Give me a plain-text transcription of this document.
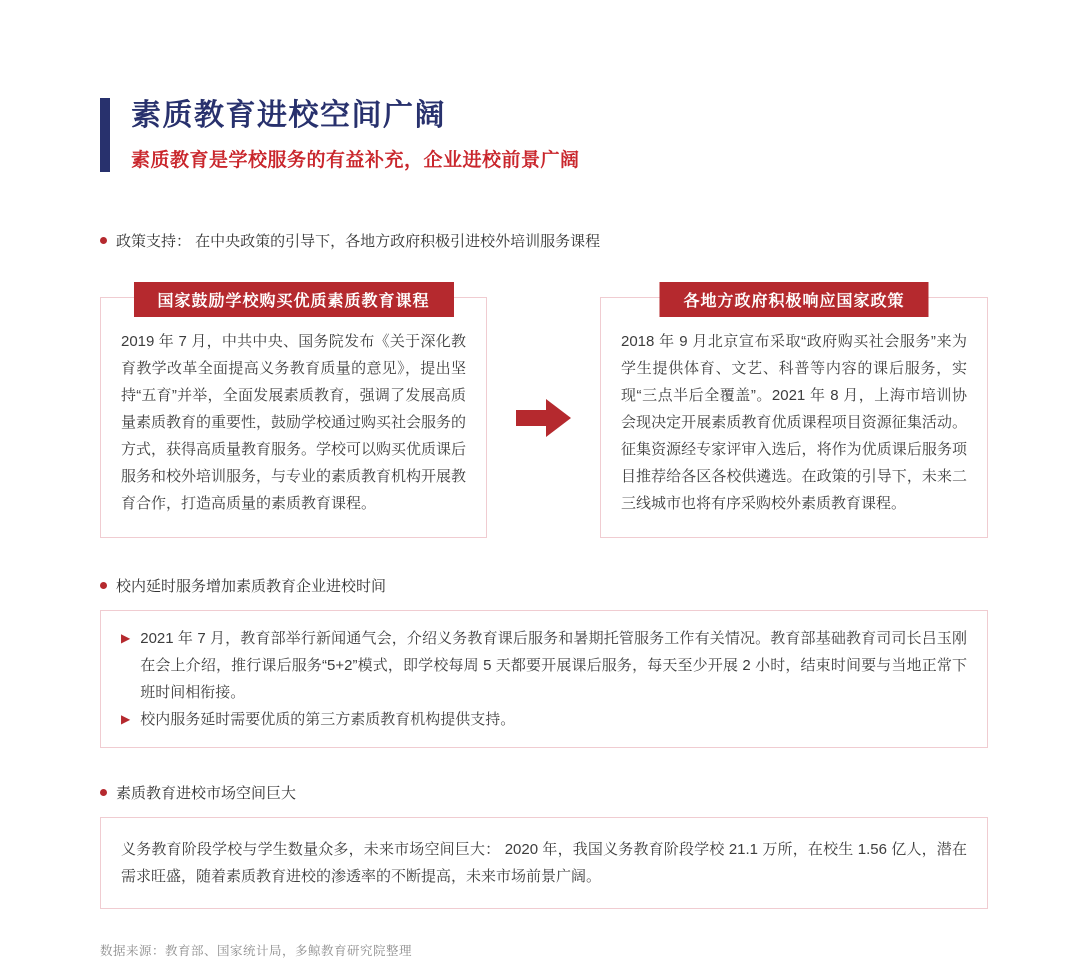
素质教育进校空间广阔
素质教育是学校服务的有益补充，企业进校前景广阔
政策支持： 在中央政策的引导下，各地方政府积极引进校外培训服务课程
国家鼓励学校购买优质素质教育课程
2019 年 7 月，中共中央、国务院发布《关于深化教育教学改革全面提高义务教育质量的意见》，提出坚持“五育”并举，全面发展素质教育，强调了发展高质量素质教育的重要性，鼓励学校通过购买社会服务的方式，获得高质量教育服务。学校可以购买优质课后服务和校外培训服务，与专业的素质教育机构开展教育合作，打造高质量的素质教育课程。
各地方政府积极响应国家政策
2018 年 9 月北京宣布采取“政府购买社会服务”来为学生提供体育、文艺、科普等内容的课后服务，实现“三点半后全覆盖”。2021 年 8 月，上海市培训协会现决定开展素质教育优质课程项目资源征集活动。征集资源经专家评审入选后，将作为优质课后服务项目推荐给各区各校供遴选。在政策的引导下，未来二三线城市也将有序采购校外素质教育课程。
校内延时服务增加素质教育企业进校时间
▶ 2021 年 7 月，教育部举行新闻通气会，介绍义务教育课后服务和暑期托管服务工作有关情况。教育部基础教育司司长吕玉刚在会上介绍，推行课后服务“5+2”模式，即学校每周 5 天都要开展课后服务，每天至少开展 2 小时，结束时间要与当地正常下班时间相衔接。
▶ 校内服务延时需要优质的第三方素质教育机构提供支持。
素质教育进校市场空间巨大
义务教育阶段学校与学生数量众多，未来市场空间巨大： 2020 年，我国义务教育阶段学校 21.1 万所，在校生 1.56 亿人，潜在需求旺盛，随着素质教育进校的渗透率的不断提高，未来市场前景广阔。
数据来源：教育部、国家统计局，多鲸教育研究院整理
